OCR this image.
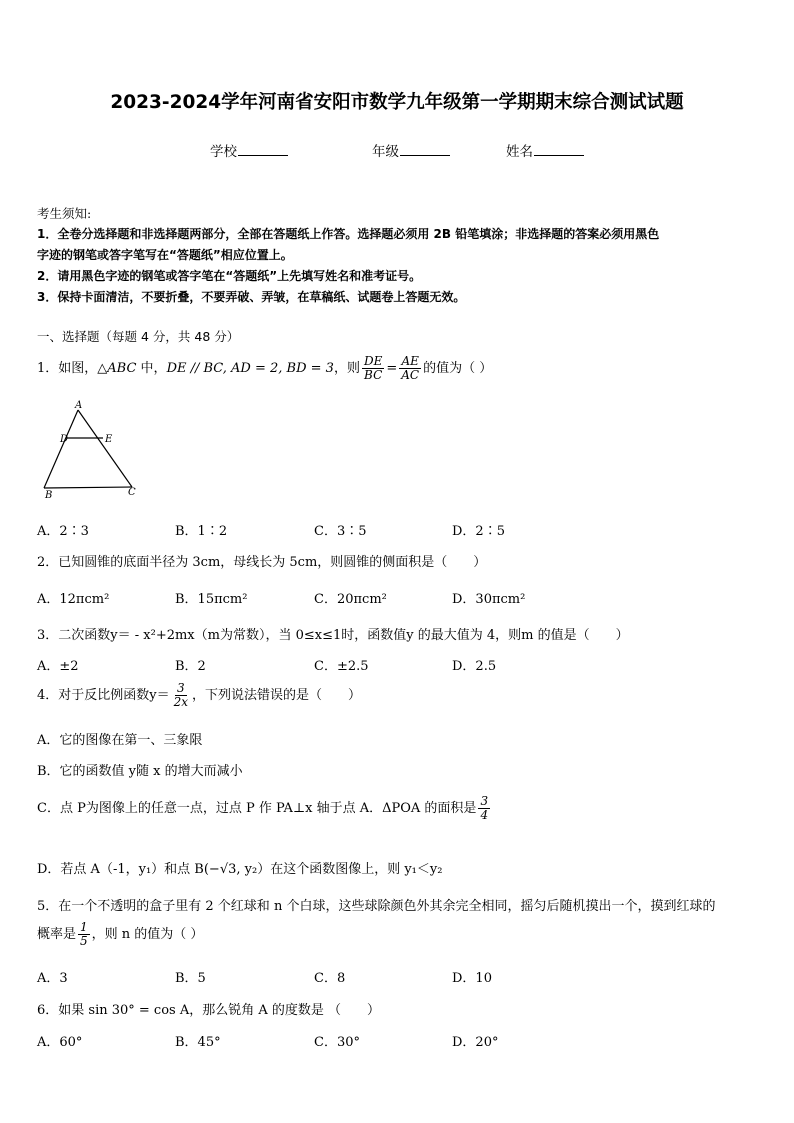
2023-2024学年河南省安阳市数学九年级第一学期期末综合测试试题
学校	年级	姓名
考生须知:
1．全卷分选择题和非选择题两部分，全部在答题纸上作答。选择题必须用 2B 铅笔填涂；非选择题的答案必须用黑色
字迹的钢笔或答字笔写在“答题纸”相应位置上。
2．请用黑色字迹的钢笔或答字笔在“答题纸”上先填写姓名和准考证号。
3．保持卡面清洁，不要折叠，不要弄破、弄皱，在草稿纸、试题卷上答题无效。
一、选择题（每题 4 分，共 48 分）
1．如图，△ABC 中，DE // BC, AD = 2, BD = 3，则 $\frac{DE}{BC} = \frac{AE}{AC}$ 的值为（ ）
A
D	E
B	C
A．2∶3	B．1∶2	C．3∶5	D．2∶5
2．已知圆锥的底面半径为 3cm，母线长为 5cm，则圆锥的侧面积是（　　）
A．12πcm²	B．15πcm²	C．20πcm²	D．30πcm²
3．二次函数y＝ - x²+2mx（m为常数），当 0≤x≤1时，函数值y 的最大值为 4，则m 的值是（　　）
A．±2	B．2	C．±2.5	D．2.5
4．对于反比例函数$y= \frac{3}{2x}$ ，下列说法错误的是（　　）
A．它的图像在第一、三象限
B．它的函数值 y随 x 的增大而减小
C．点 P为图像上的任意一点，过点 P 作 PA⊥x 轴于点 A．ΔPOA 的面积是 $\frac{3}{4}$
D．若点 A（-1，y₁）和点 B(−√3, y₂）在这个函数图像上，则 y₁＜y₂
5．在一个不透明的盒子里有 2 个红球和 n 个白球，这些球除颜色外其余完全相同，摇匀后随机摸出一个，摸到红球的
概率是 $\frac{1}{5}$ ，则 n 的值为（ ）
A．3	B．5	C．8	D．10
6．如果 sin 30° = cos A，那么锐角 A 的度数是 （　　）
A．60°	B．45°	C．30°	D．20°
